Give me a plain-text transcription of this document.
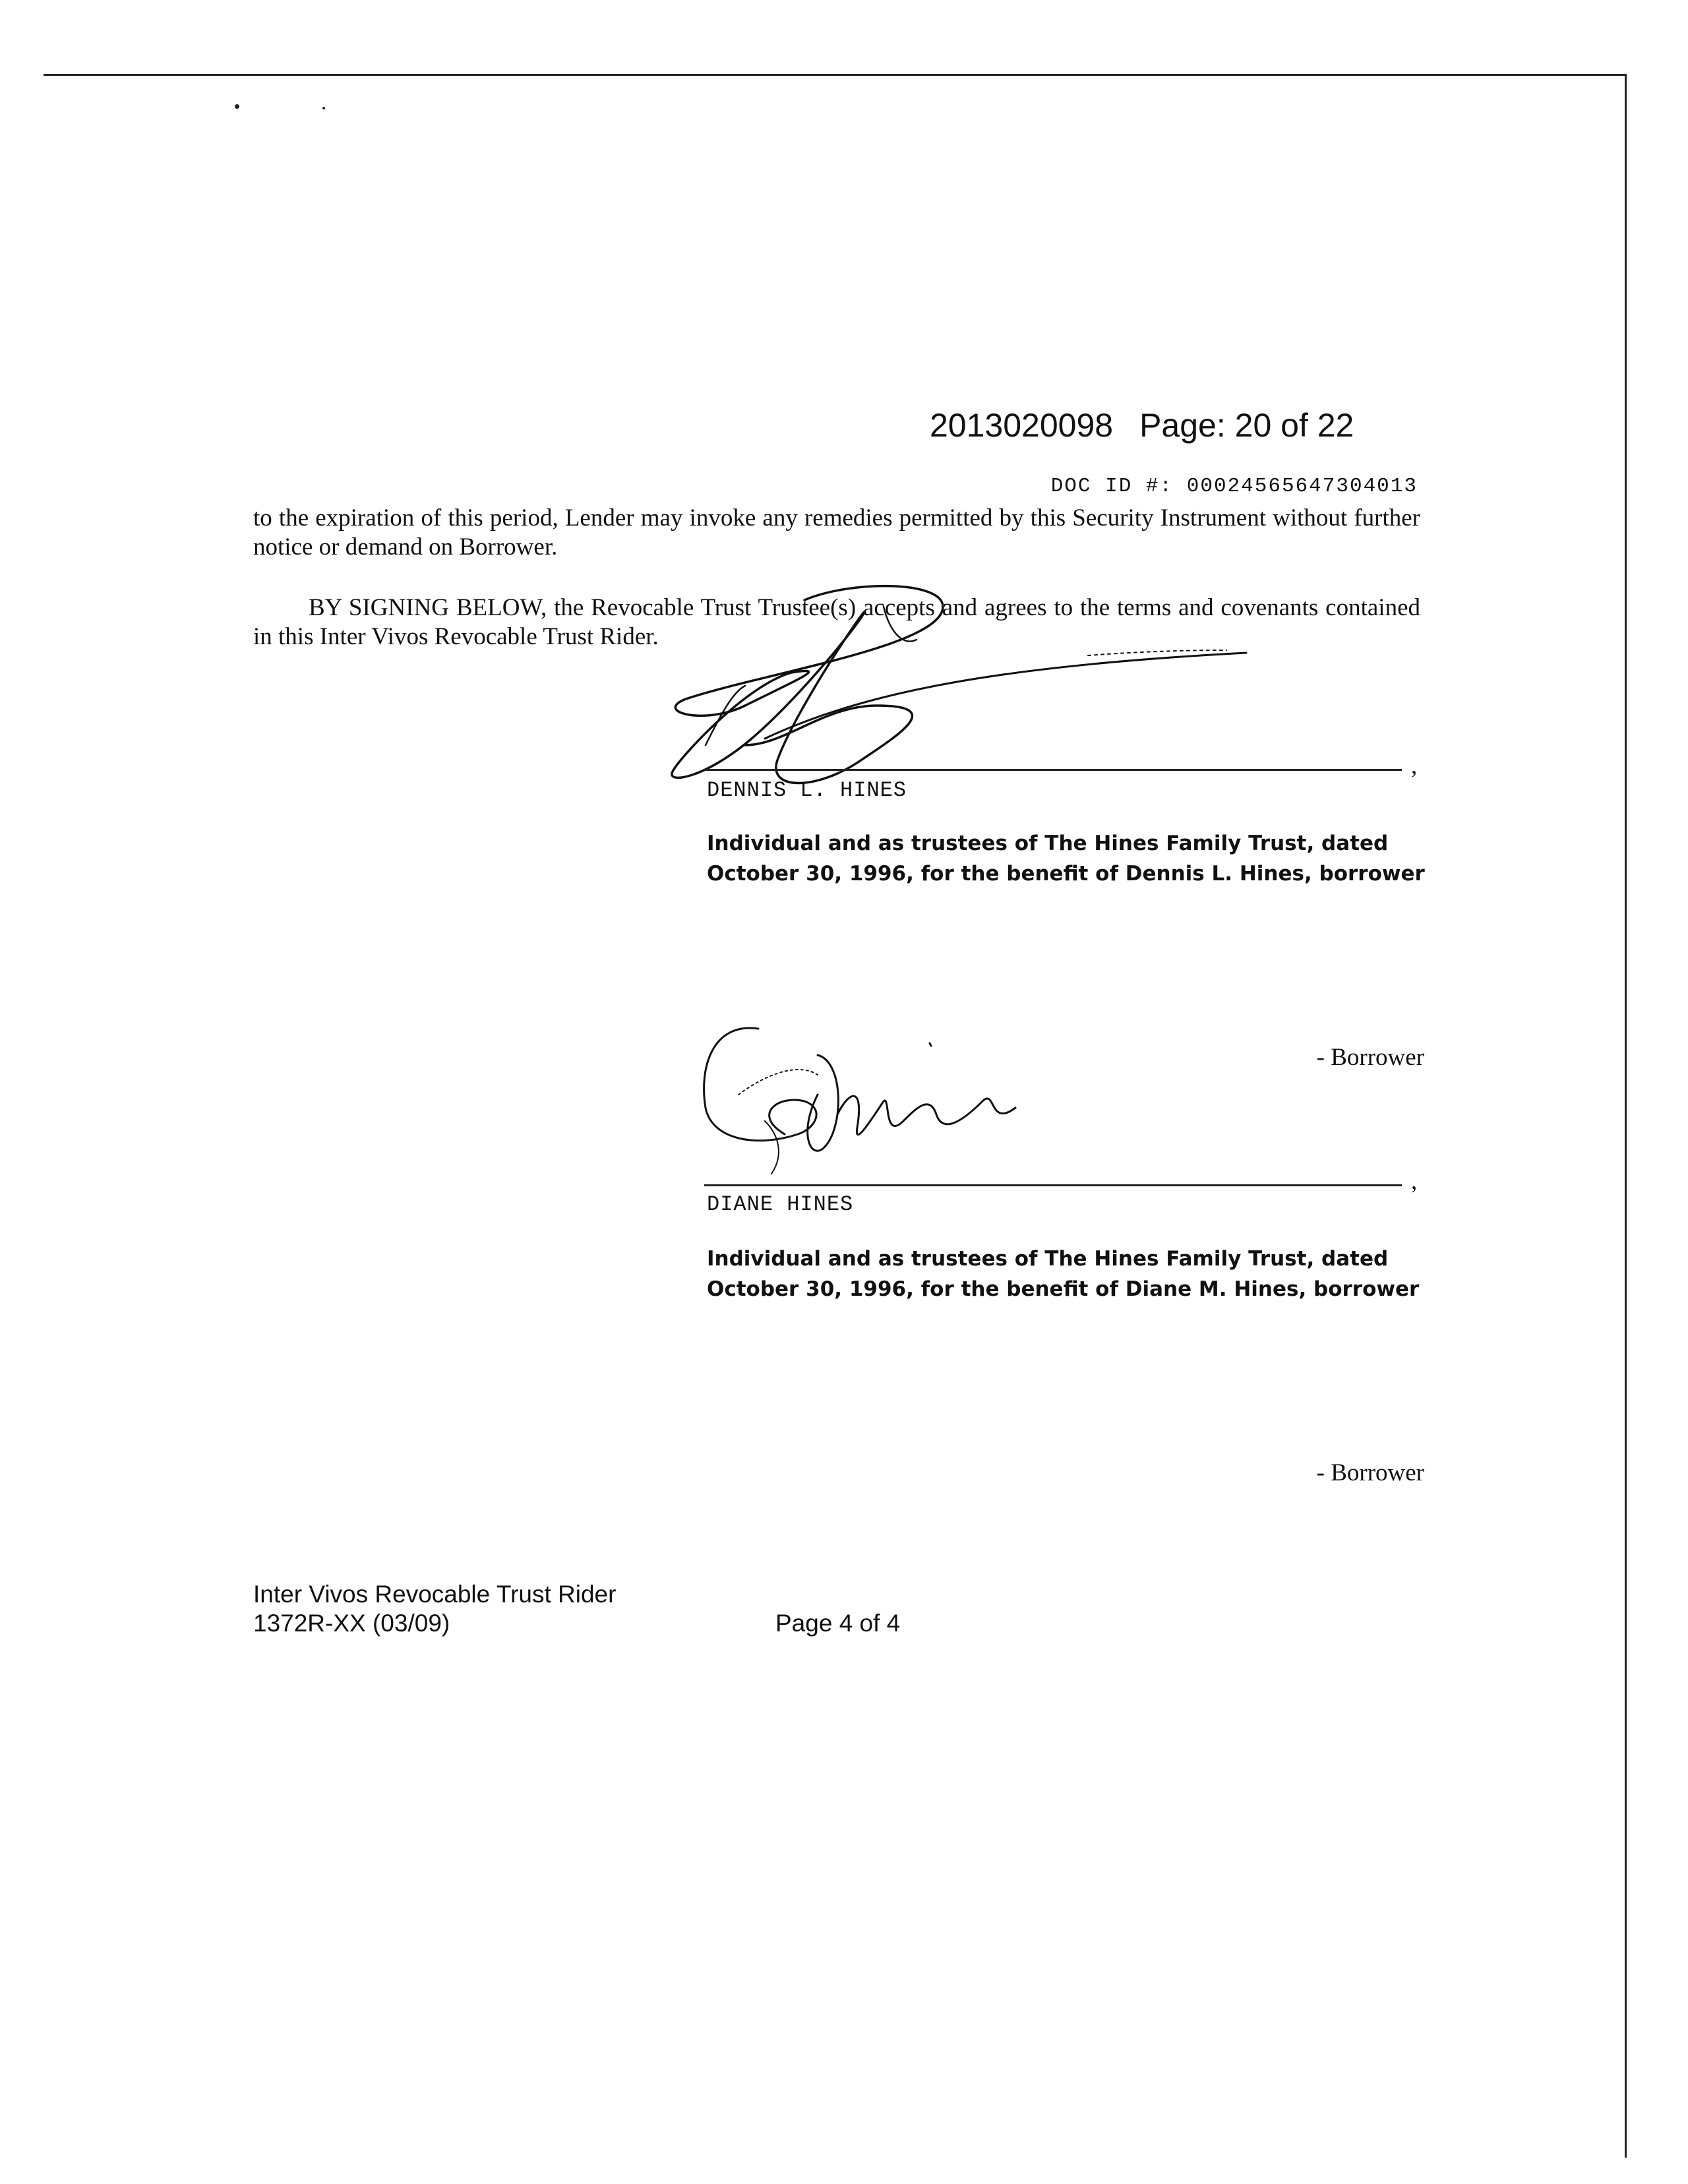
2013020098 Page: 20 of 22
DOC ID #: 00024565647304013
to the expiration of this period, Lender may invoke any remedies permitted by this Security Instrument without further notice or demand on Borrower.
BY SIGNING BELOW, the Revocable Trust Trustee(s) accepts and agrees to the terms and covenants contained in this Inter Vivos Revocable Trust Rider.
,
DENNIS L. HINES
Individual and as trustees of The Hines Family Trust, dated
October 30, 1996, for the benefit of Dennis L. Hines, borrower
- Borrower
,
DIANE HINES
Individual and as trustees of The Hines Family Trust, dated
October 30, 1996, for the benefit of Diane M. Hines, borrower
- Borrower
Inter Vivos Revocable Trust Rider
1372R-XX (03/09)	Page 4 of 4
